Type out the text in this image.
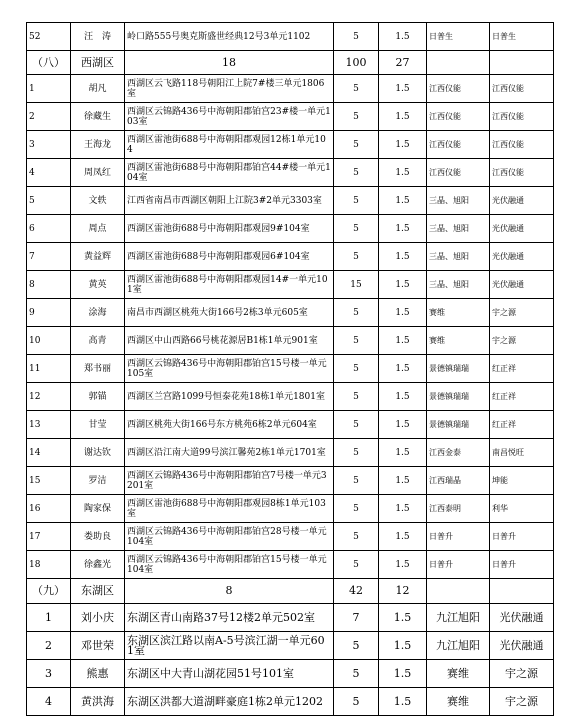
52	汪　涛	岭口路555号奥克斯盛世经典12号3单元1102	5	1.5	日普生	日普生
（八）	西湖区	18	100	27		
1	胡凡	西湖区云飞路118号朝阳江上院7#楼三单元1806室	5	1.5	江西仪能	江西仪能
2	徐藏生	西湖区云锦路436号中海朝阳郡铂宫23#楼一单元103室	5	1.5	江西仪能	江西仪能
3	王海龙	西湖区雷池街688号中海朝阳郡观园12栋1单元104	5	1.5	江西仪能	江西仪能
4	周凤红	西湖区雷池街688号中海朝阳郡铂宫44#楼一单元104室	5	1.5	江西仪能	江西仪能
5	文轶	江西省南昌市西湖区朝阳上江院3#2单元3303室	5	1.5	三晶、旭阳	光伏融通
6	周点	西湖区雷池街688号中海朝阳郡观园9#104室	5	1.5	三晶、旭阳	光伏融通
7	黄益辉	西湖区雷池街688号中海朝阳郡观园6#104室	5	1.5	三晶、旭阳	光伏融通
8	黄英	西湖区雷池街688号中海朝阳郡观园14#一单元101室	15	1.5	三晶、旭阳	光伏融通
9	涂海	南昌市西湖区桃苑大街166号2栋3单元605室	5	1.5	赛维	宇之源
10	高青	西湖区中山西路66号桃花源居B1栋1单元901室	5	1.5	赛维	宇之源
11	郑书丽	西湖区云锦路436号中海朝阳郡铂宫15号楼一单元105室	5	1.5	景德镇瑞瑞	红正祥
12	郭锚	西湖区兰宫路1099号恒泰花苑18栋1单元1801室	5	1.5	景德镇瑞瑞	红正祥
13	甘莹	西湖区桃苑大街166号东方桃苑6栋2单元604室	5	1.5	景德镇瑞瑞	红正祥
14	谢达钦	西湖区沿江南大道99号滨江馨苑2栋1单元1701室	5	1.5	江西金泰	南昌悦旺
15	罗洁	西湖区云锦路436号中海朝阳郡铂宫7号楼一单元3201室	5	1.5	江西瑞晶	坤能
16	陶家保	西湖区雷池街688号中海朝阳郡观园8栋1单元103室	5	1.5	江西泰明	利华
17	娄助良	西湖区云锦路436号中海朝阳郡铂宫28号楼一单元104室	5	1.5	日普升	日普升
18	徐鑫光	西湖区云锦路436号中海朝阳郡铂宫15号楼一单元104室	5	1.5	日普升	日普升
（九）	东湖区	8	42	12		
1	刘小庆	东湖区青山南路37号12楼2单元502室	7	1.5	九江旭阳	光伏融通
2	邓世荣	东湖区滨江路以南A-5号滨江湖一单元601室	5	1.5	九江旭阳	光伏融通
3	熊惠	东湖区中大青山湖花园51号101室	5	1.5	赛维	宇之源
4	黄洪海	东湖区洪都大道湖畔豪庭1栋2单元1202	5	1.5	赛维	宇之源
